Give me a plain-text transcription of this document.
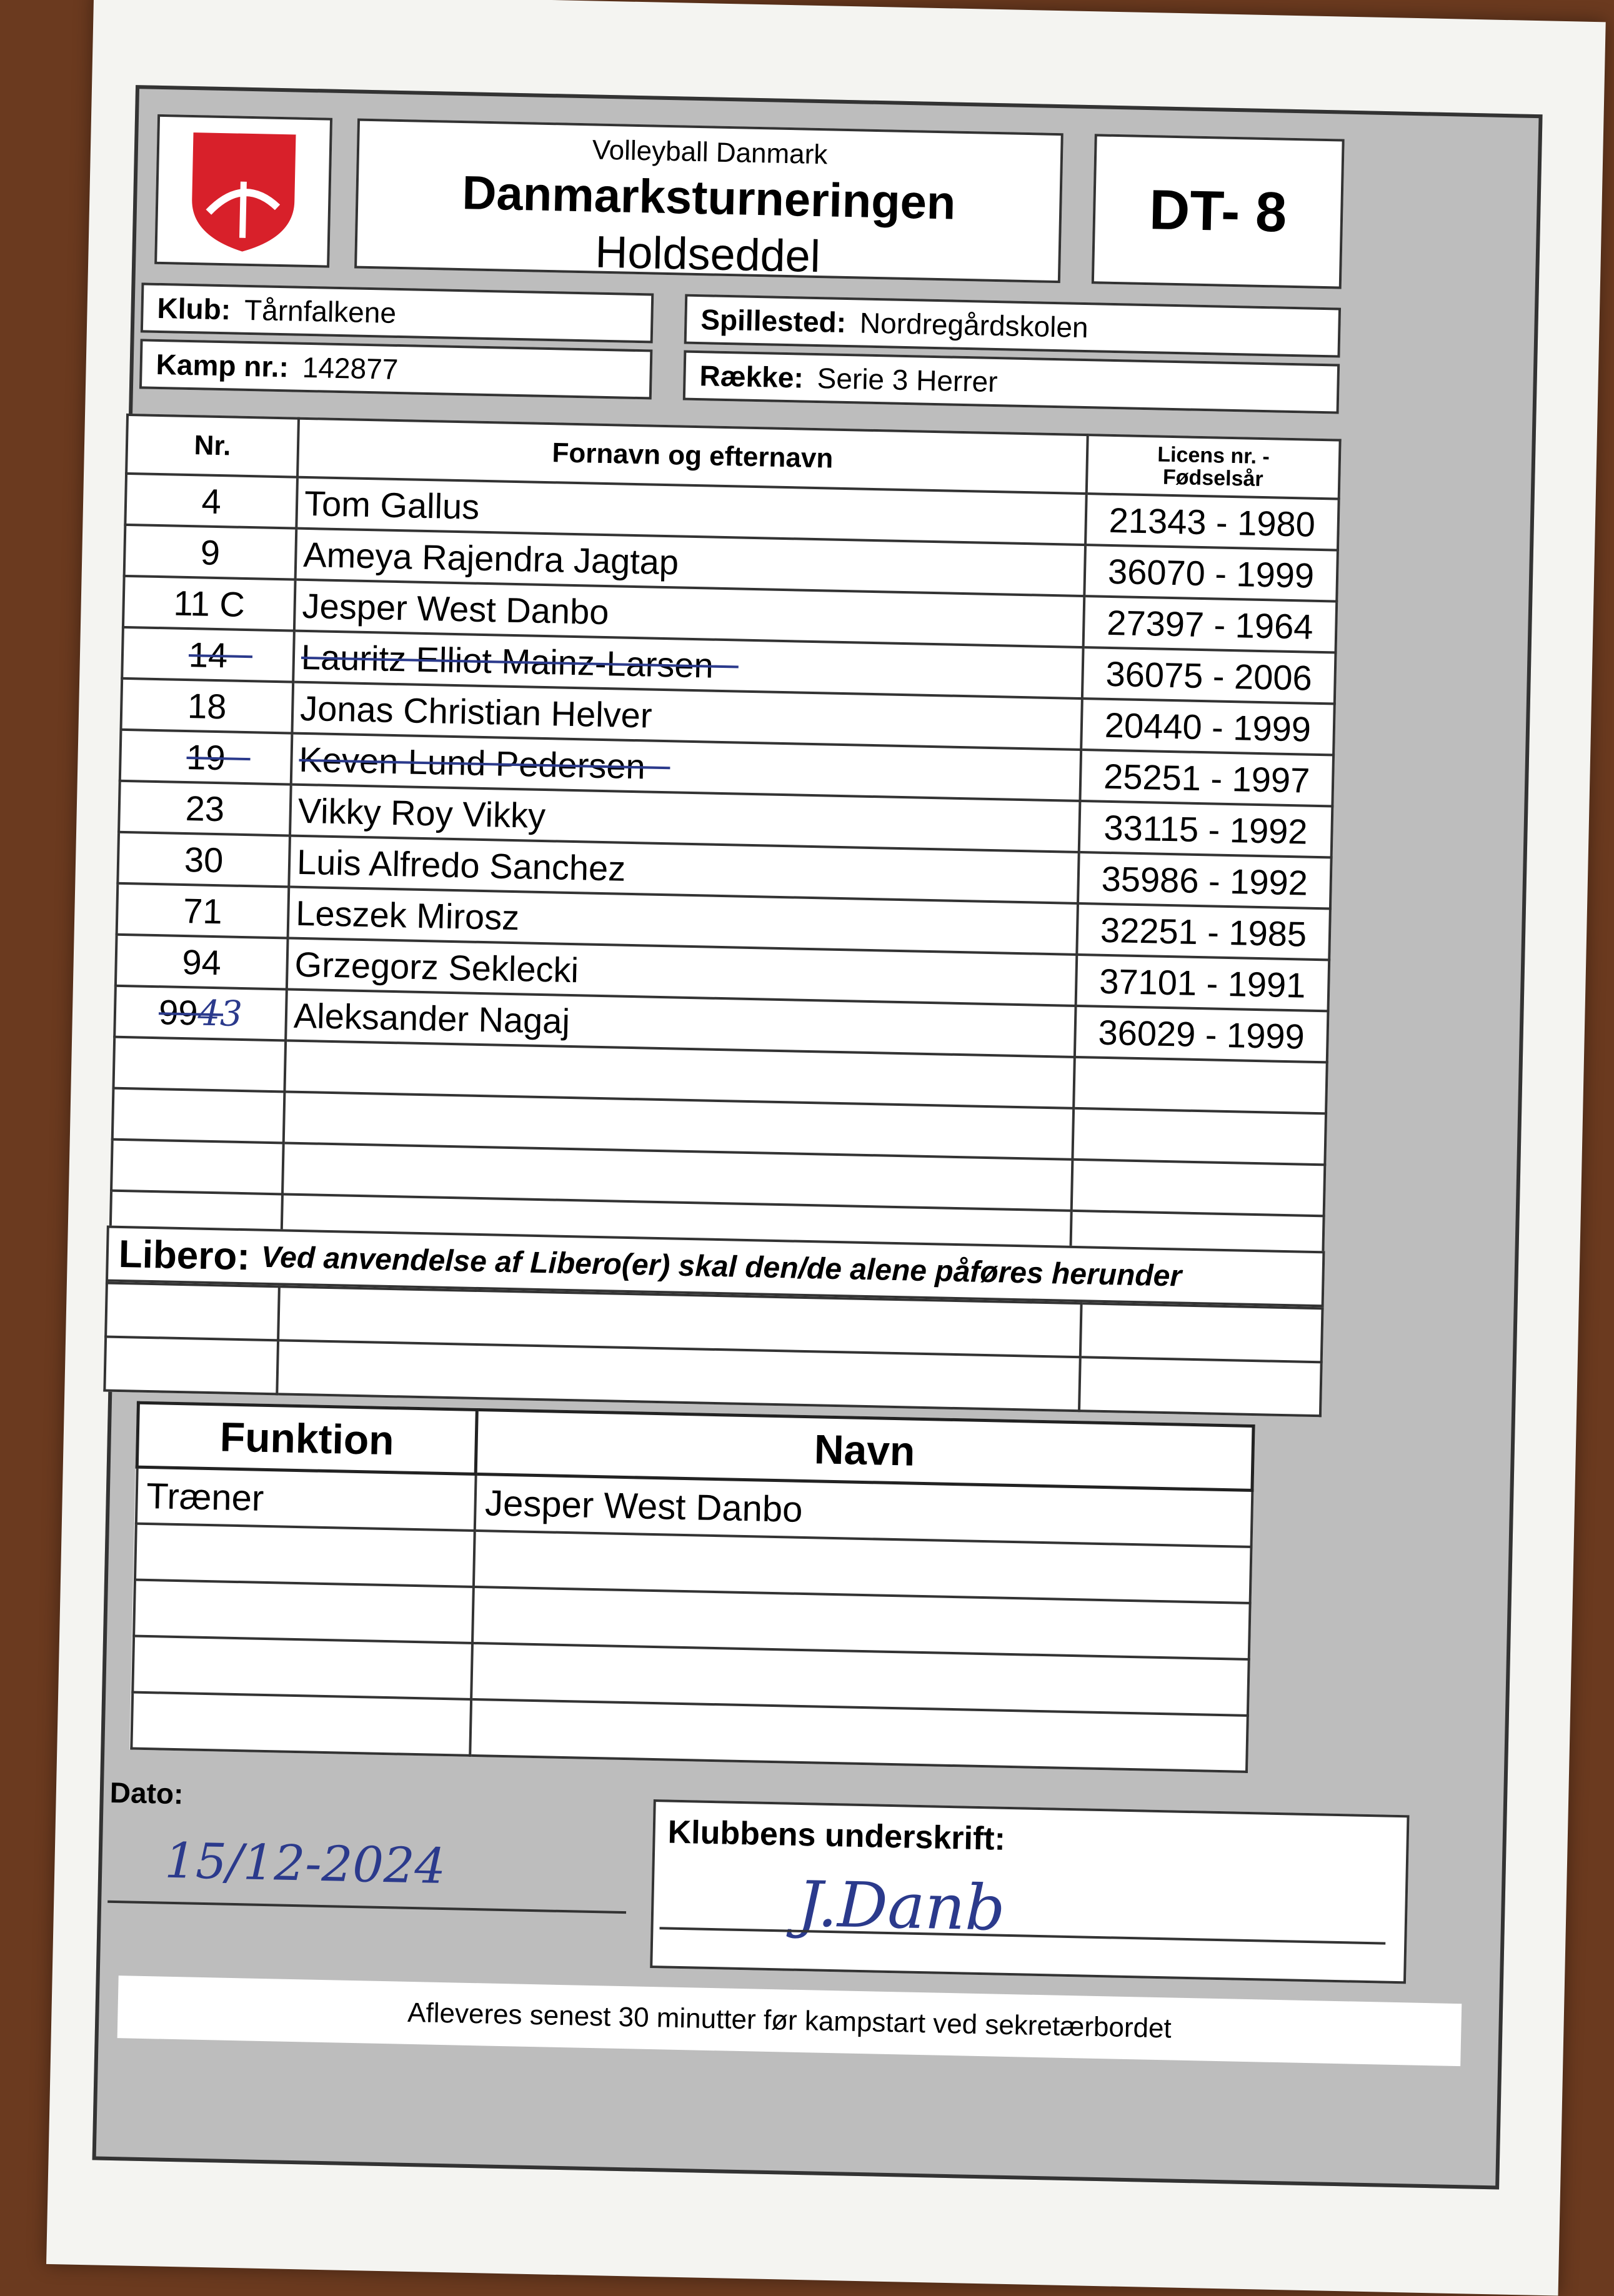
Volleyball Danmark
Danmarksturneringen
Holdseddel
DT- 8
Klub: Tårnfalkene
Kamp nr.: 142877
Spillested: Nordregårdskolen
Række: Serie 3 Herrer
Nr.	Fornavn og efternavn	Licens nr. -
Fødselsår

4	Tom Gallus	21343 - 1980
9	Ameya Rajendra Jagtap	36070 - 1999
11 C	Jesper West Danbo	27397 - 1964
14	Lauritz Elliot Mainz-Larsen	36075 - 2006
18	Jonas Christian Helver	20440 - 1999
19	Keven Lund Pedersen	25251 - 1997
23	Vikky Roy Vikky	33115 - 1992
30	Luis Alfredo Sanchez	35986 - 1992
71	Leszek Mirosz	32251 - 1985
94	Grzegorz Seklecki	37101 - 1991
9943	Aleksander Nagaj	36029 - 1999

Libero: Ved anvendelse af Libero(er) skal den/de alene påføres herunder

Funktion	Navn
Træner	Jesper West Danbo

Dato:
15/12-2024	Klubbens underskrift:
J.Danb
Afleveres senest 30 minutter før kampstart ved sekretærbordet
